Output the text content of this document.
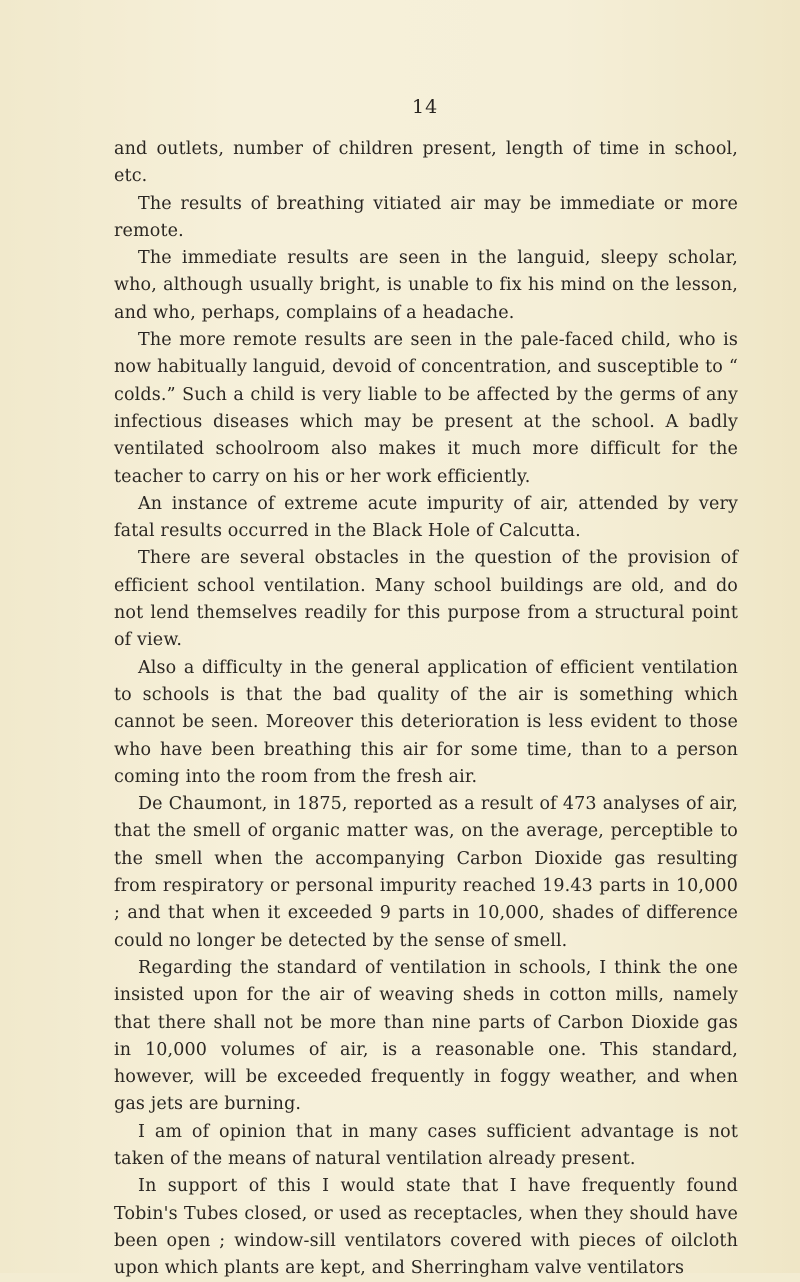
14

and outlets, number of children present, length of time in school, etc.

The results of breathing vitiated air may be immediate or more remote.

The immediate results are seen in the languid, sleepy scholar, who, although usually bright, is unable to fix his mind on the lesson, and who, perhaps, complains of a headache.

The more remote results are seen in the pale-faced child, who is now habitually languid, devoid of concentration, and susceptible to “ colds.” Such a child is very liable to be affected by the germs of any infectious diseases which may be present at the school. A badly ventilated schoolroom also makes it much more difficult for the teacher to carry on his or her work efficiently.

An instance of extreme acute impurity of air, attended by very fatal results occurred in the Black Hole of Calcutta.

There are several obstacles in the question of the provision of efficient school ventilation. Many school buildings are old, and do not lend themselves readily for this purpose from a structural point of view.

Also a difficulty in the general application of efficient ventilation to schools is that the bad quality of the air is something which cannot be seen. Moreover this deterioration is less evident to those who have been breathing this air for some time, than to a person coming into the room from the fresh air.

De Chaumont, in 1875, reported as a result of 473 analyses of air, that the smell of organic matter was, on the average, perceptible to the smell when the accompanying Carbon Dioxide gas resulting from respiratory or personal impurity reached 19.43 parts in 10,000 ; and that when it exceeded 9 parts in 10,000, shades of difference could no longer be detected by the sense of smell.

Regarding the standard of ventilation in schools, I think the one insisted upon for the air of weaving sheds in cotton mills, namely that there shall not be more than nine parts of Carbon Dioxide gas in 10,000 volumes of air, is a reasonable one. This standard, however, will be exceeded frequently in foggy weather, and when gas jets are burning.

I am of opinion that in many cases sufficient advantage is not taken of the means of natural ventilation already present.

In support of this I would state that I have frequently found Tobin's Tubes closed, or used as receptacles, when they should have been open ; window-sill ventilators covered with pieces of oilcloth upon which plants are kept, and Sherringham valve ventilators
